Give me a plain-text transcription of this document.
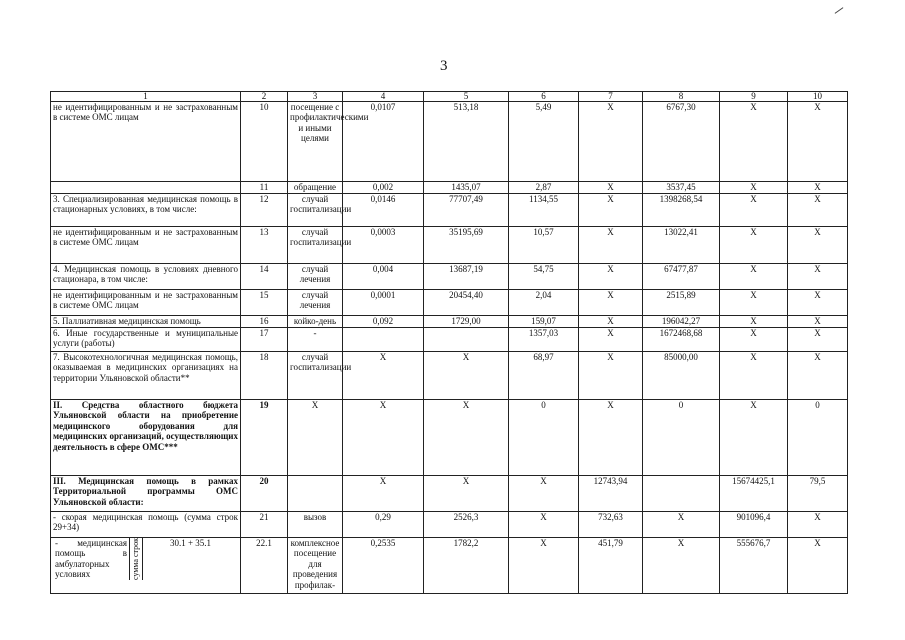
3
1	2	3	4	5	6	7	8	9	10
не идентифицированным и не застрахованным в системе ОМС лицам	10	посещение с профилактическими и иными целями	0,0107	513,18	5,49	Х	6767,30	Х	Х
	11	обращение	0,002	1435,07	2,87	Х	3537,45	Х	Х
3. Специализированная медицинская помощь в стационарных условиях, в том числе:	12	случай госпитализации	0,0146	77707,49	1134,55	Х	1398268,54	Х	Х
не идентифицированным и не застрахованным в системе ОМС лицам	13	случай госпитализации	0,0003	35195,69	10,57	Х	13022,41	Х	Х
4. Медицинская помощь в условиях дневного стационара, в том числе:	14	случай лечения	0,004	13687,19	54,75	Х	67477,87	Х	Х
не идентифицированным и не застрахованным в системе ОМС лицам	15	случай лечения	0,0001	20454,40	2,04	Х	2515,89	Х	Х
5. Паллиативная медицинская помощь	16	койко-день	0,092	1729,00	159,07	Х	196042,27	Х	Х
6. Иные государственные и муниципальные услуги (работы)	17	-			1357,03	Х	1672468,68	Х	Х
7. Высокотехнологичная медицинская помощь, оказываемая в медицинских организациях на территории Ульяновской области**	18	случай госпитализации	Х	Х	68,97	Х	85000,00	Х	Х
II. Средства областного бюджета Ульяновской области на приобретение медицинского оборудования для медицинских организаций, осуществляющих деятельность в сфере ОМС***	19	Х	Х	Х	0	Х	0	Х	0
III. Медицинская помощь в рамках Территориальной программы ОМС Ульяновской области:	20		Х	Х	Х	12743,94		15674425,1	79,5
- скорая медицинская помощь (сумма строк 29+34)	21	вызов	0,29	2526,3	Х	732,63	Х	901096,4	Х

- медицинская помощь в амбулаторных условиях сумма строк 30.1 + 35.1	22.1	комплексное посещение для проведения профилак-	0,2535	1782,2	Х	451,79	Х	555676,7	Х
